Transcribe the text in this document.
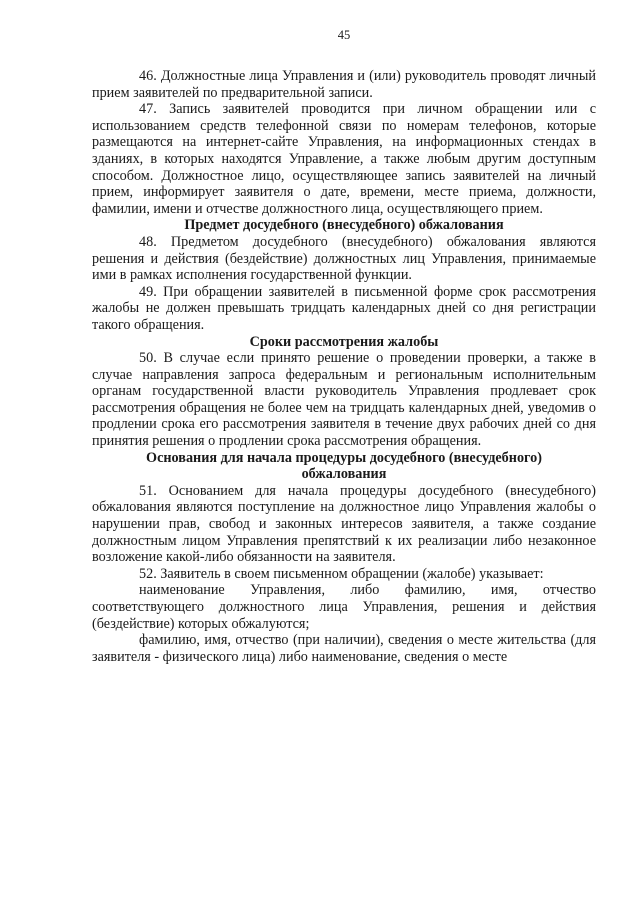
45

46. Должностные лица Управления и (или) руководитель проводят личный прием заявителей по предварительной записи.

47. Запись заявителей проводится при личном обращении или с использованием средств телефонной связи по номерам телефонов, которые размещаются на интернет-сайте Управления, на информационных стендах в зданиях, в которых находятся Управление, а также любым другим доступным способом. Должностное лицо, осуществляющее запись заявителей на личный прием, информирует заявителя о дате, времени, месте приема, должности, фамилии, имени и отчестве должностного лица, осуществляющего прием.

Предмет досудебного (внесудебного) обжалования

48. Предметом досудебного (внесудебного) обжалования являются решения и действия (бездействие) должностных лиц Управления, принимаемые ими в рамках исполнения государственной функции.

49. При обращении заявителей в письменной форме срок рассмотрения жалобы не должен превышать тридцать календарных дней со дня регистрации такого обращения.

Сроки рассмотрения жалобы

50. В случае если принято решение о проведении проверки, а также в случае направления запроса федеральным и региональным исполнительным органам государственной власти руководитель Управления продлевает срок рассмотрения обращения не более чем на тридцать календарных дней, уведомив о продлении срока его рассмотрения заявителя в течение двух рабочих дней со дня принятия решения о продлении срока рассмотрения обращения.

Основания для начала процедуры досудебного (внесудебного) обжалования

51. Основанием для начала процедуры досудебного (внесудебного) обжалования являются поступление на должностное лицо Управления жалобы о нарушении прав, свобод и законных интересов заявителя, а также создание должностным лицом Управления препятствий к их реализации либо незаконное возложение какой-либо обязанности на заявителя.

52. Заявитель в своем письменном обращении (жалобе) указывает:

наименование Управления, либо фамилию, имя, отчество соответствующего должностного лица Управления, решения и действия (бездействие) которых обжалуются;

фамилию, имя, отчество (при наличии), сведения о месте жительства (для заявителя - физического лица) либо наименование, сведения о месте
